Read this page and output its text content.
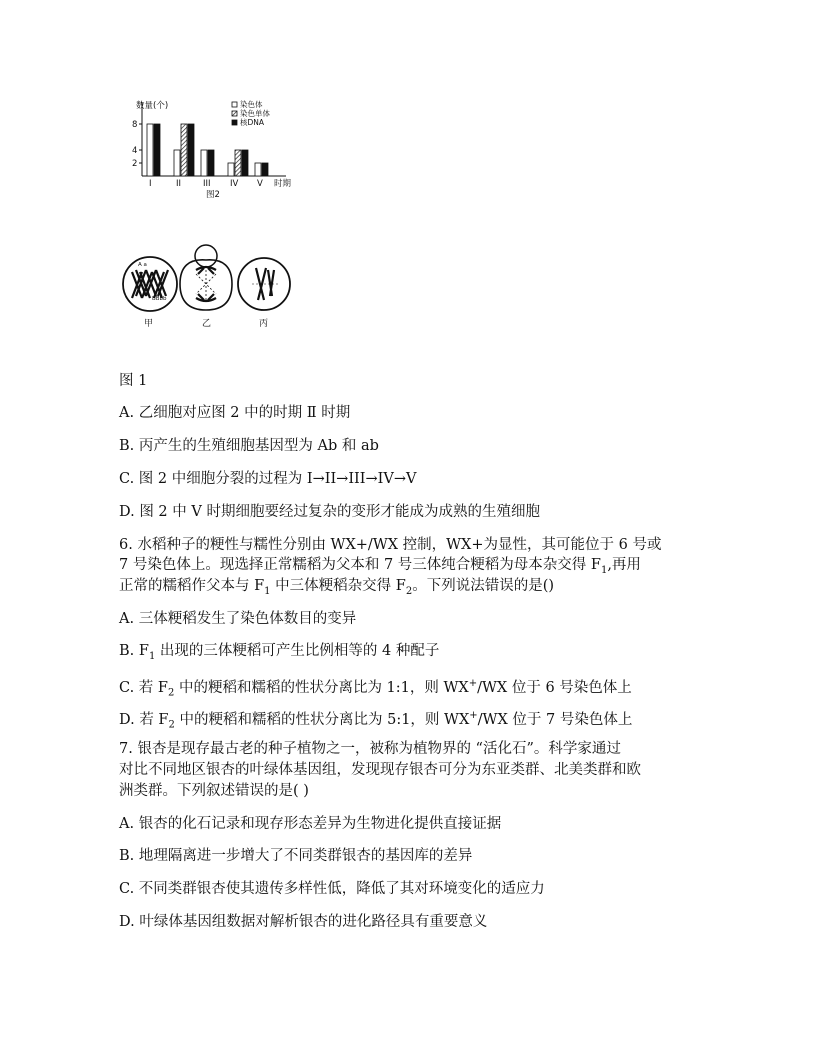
数量(个)
2
4
8
I	II	III IV V 时期
图2
染色体
染色单体
核DNA
A a
BBbb
甲	乙	丙
图 1
A. 乙细胞对应图 2 中的时期 Ⅱ 时期
B. 丙产生的生殖细胞基因型为 Ab 和 ab
C. 图 2 中细胞分裂的过程为 I→II→III→IV→V
D. 图 2 中 V 时期细胞要经过复杂的变形才能成为成熟的生殖细胞
6. 水稻种子的粳性与糯性分别由 WX+/WX 控制，WX+为显性，其可能位于 6 号或
7 号染色体上。现选择正常糯稻为父本和 7 号三体纯合粳稻为母本杂交得 $F_1$,再用
正常的糯稻作父本与 $F_1$ 中三体粳稻杂交得 $F_2$。下列说法错误的是()
A. 三体粳稻发生了染色体数目的变异
B. $F_1$ 出现的三体粳稻可产生比例相等的 4 种配子
C. 若 $F_2$ 中的粳稻和糯稻的性状分离比为 1:1，则 WX+/WX 位于 6 号染色体上
D. 若 $F_2$ 中的粳稻和糯稻的性状分离比为 5:1，则 WX+/WX 位于 7 号染色体上
7. 银杏是现存最古老的种子植物之一，被称为植物界的 “活化石”。科学家通过
对比不同地区银杏的叶绿体基因组，发现现存银杏可分为东亚类群、北美类群和欧
洲类群。下列叙述错误的是( )
A. 银杏的化石记录和现存形态差异为生物进化提供直接证据
B. 地理隔离进一步增大了不同类群银杏的基因库的差异
C. 不同类群银杏使其遗传多样性低，降低了其对环境变化的适应力
D. 叶绿体基因组数据对解析银杏的进化路径具有重要意义
